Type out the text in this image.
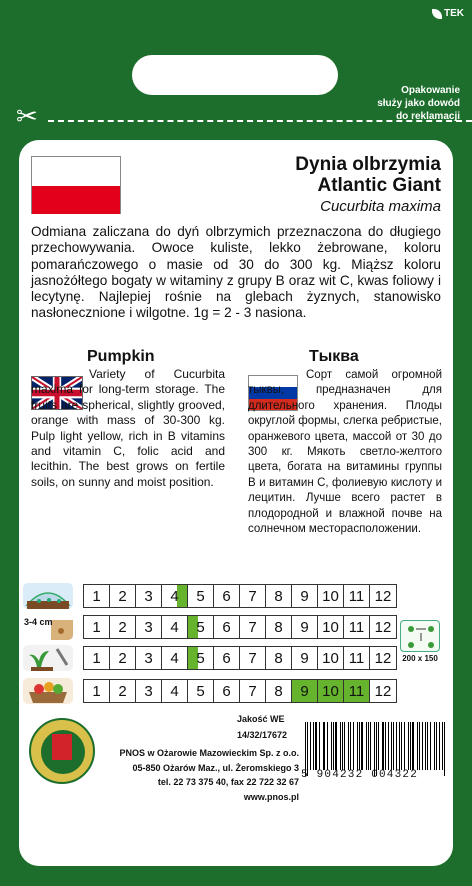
TEK
Opakowanie
służy jako dowód
do reklamacji
✂
Dynia olbrzymia
Atlantic Giant
Cucurbita maxima
Odmiana zaliczana do dyń olbrzymich przeznaczona do długiego przechowywania. Owoce kuliste, lekko żebrowane, koloru pomarańczowego o masie od 30 do 300 kg. Miąższ koloru jasnożółtego bogaty w witaminy z grupy B oraz wit C, kwas foliowy i lecytynę. Najlepiej rośnie na glebach żyznych, stanowisko nasłonecznione i wilgotne. 1g = 2 - 3 nasiona.
Pumpkin	Тыква
Variety of Cucurbita maxima for long-term storage. The fruits are spherical, slightly grooved, orange with mass of 30-300 kg. Pulp light yellow, rich in B vitamins and vitamin C, folic acid and lecithin. The best grows on fertile soils, on sunny and moist position.
Сорт самой огромной тыквы, предназначен для длительного хранения. Плоды округлой формы, слегка ребристые, оранжевого цвета, массой от 30 до 300 кг. Мякоть светло-желтого цвета, богата на витамины группы В и витамин С, фолиевую кислоту и лецитин. Лучше всего растет в плодородной и влажной почве на солнечном месторасположении.
1	2	3	4	5	6	7	8	9 10 11 12
3-4 cm	1	2	3	4	5	6	7	8	9 10 11 12
1	2	3	4	5	6	7	8	9 10 11 12
1	2	3	4	5	6	7	8	9 10 11 12
200 x 150
Jakość WE
14/32/17672
PNOS w Ożarowie Mazowieckim Sp. z o.o.
05-850 Ożarów Maz., ul. Żeromskiego 3
tel. 22 73 375 40, fax 22 722 32 67
www.pnos.pl
5 904232 004322
